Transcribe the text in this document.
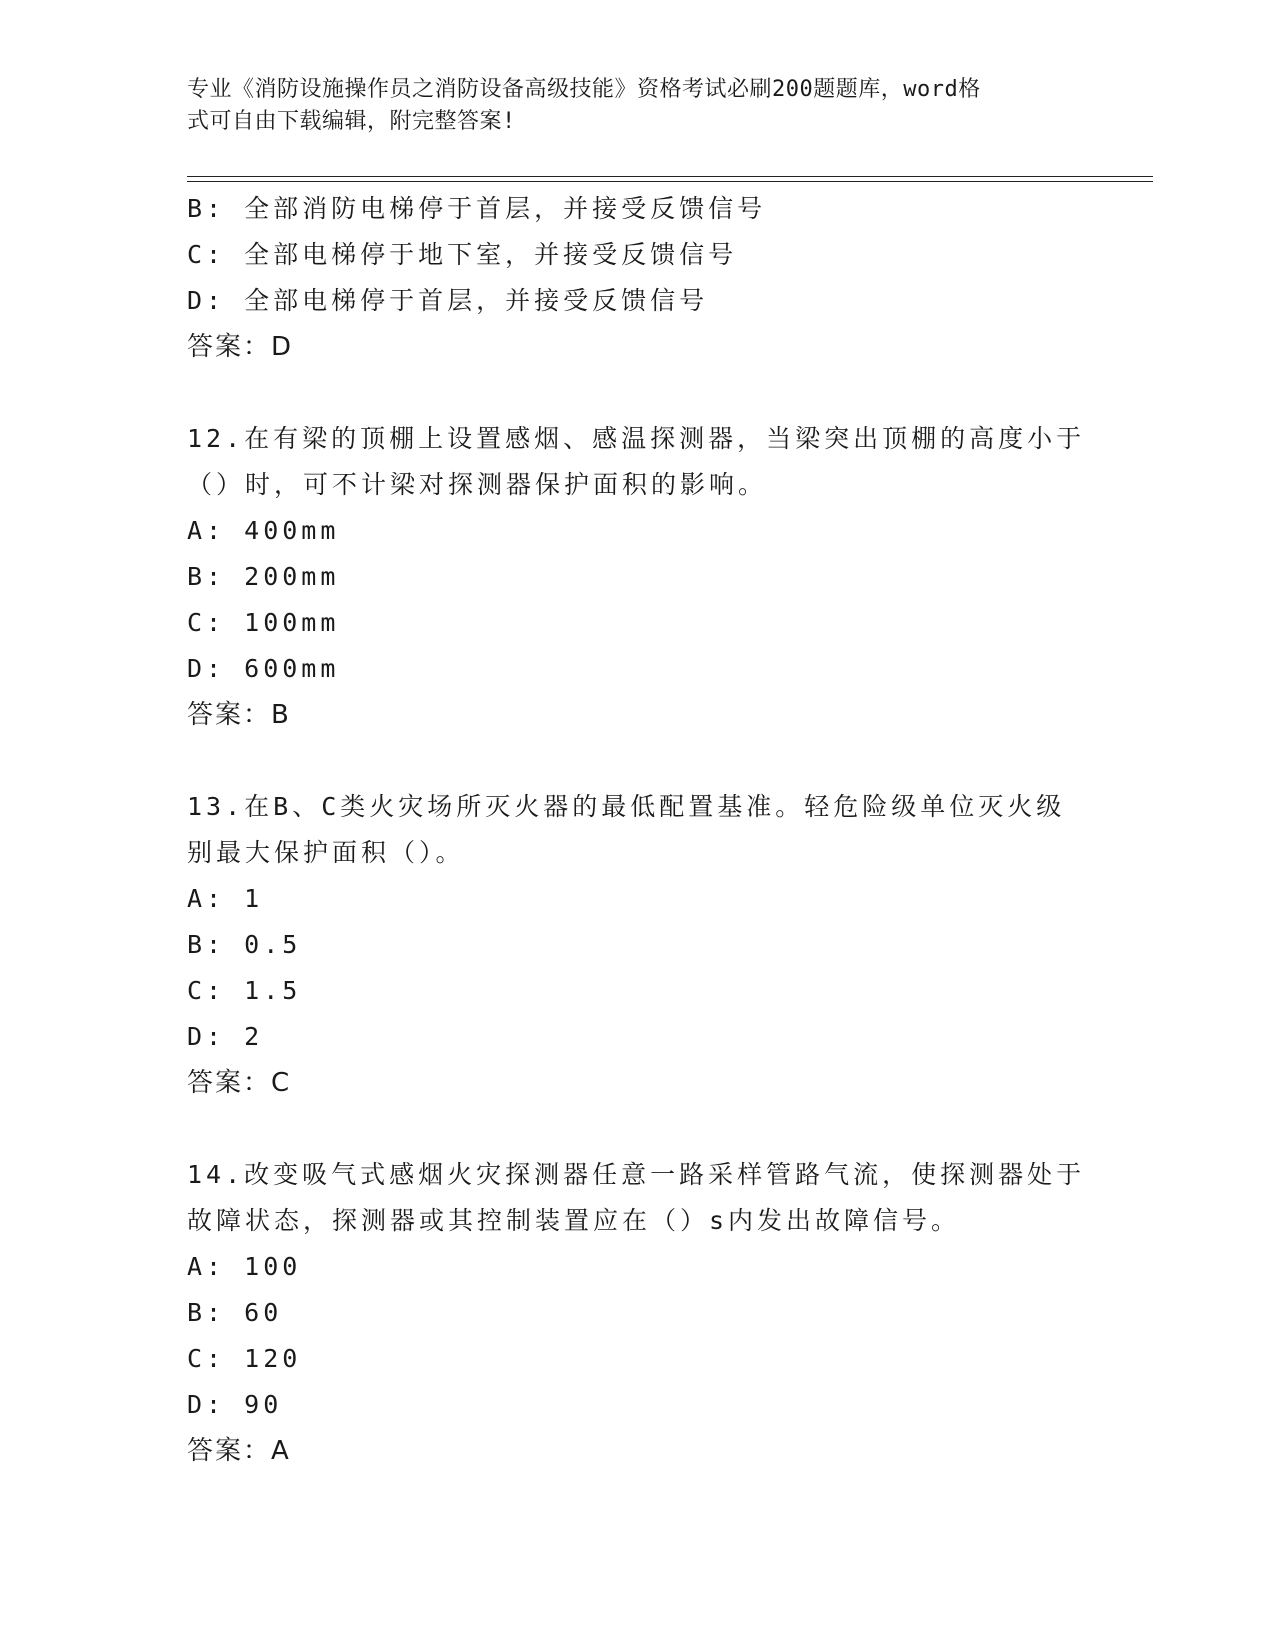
专业《消防设施操作员之消防设备高级技能》资格考试必刷200题题库，word格
式可自由下载编辑，附完整答案!
B: 全部消防电梯停于首层，并接受反馈信号
C: 全部电梯停于地下室，并接受反馈信号
D: 全部电梯停于首层，并接受反馈信号
答案：D
12.在有梁的顶棚上设置感烟、感温探测器，当梁突出顶棚的高度小于
（）时，可不计梁对探测器保护面积的影响。
A: 400mm
B: 200mm
C: 100mm
D: 600mm
答案：B
13.在B、C类火灾场所灭火器的最低配置基准。轻危险级单位灭火级
别最大保护面积（）。
A: 1
B: 0.5
C: 1.5
D: 2
答案：C
14.改变吸气式感烟火灾探测器任意一路采样管路气流，使探测器处于
故障状态，探测器或其控制装置应在（）s内发出故障信号。
A: 100
B: 60
C: 120
D: 90
答案：A
